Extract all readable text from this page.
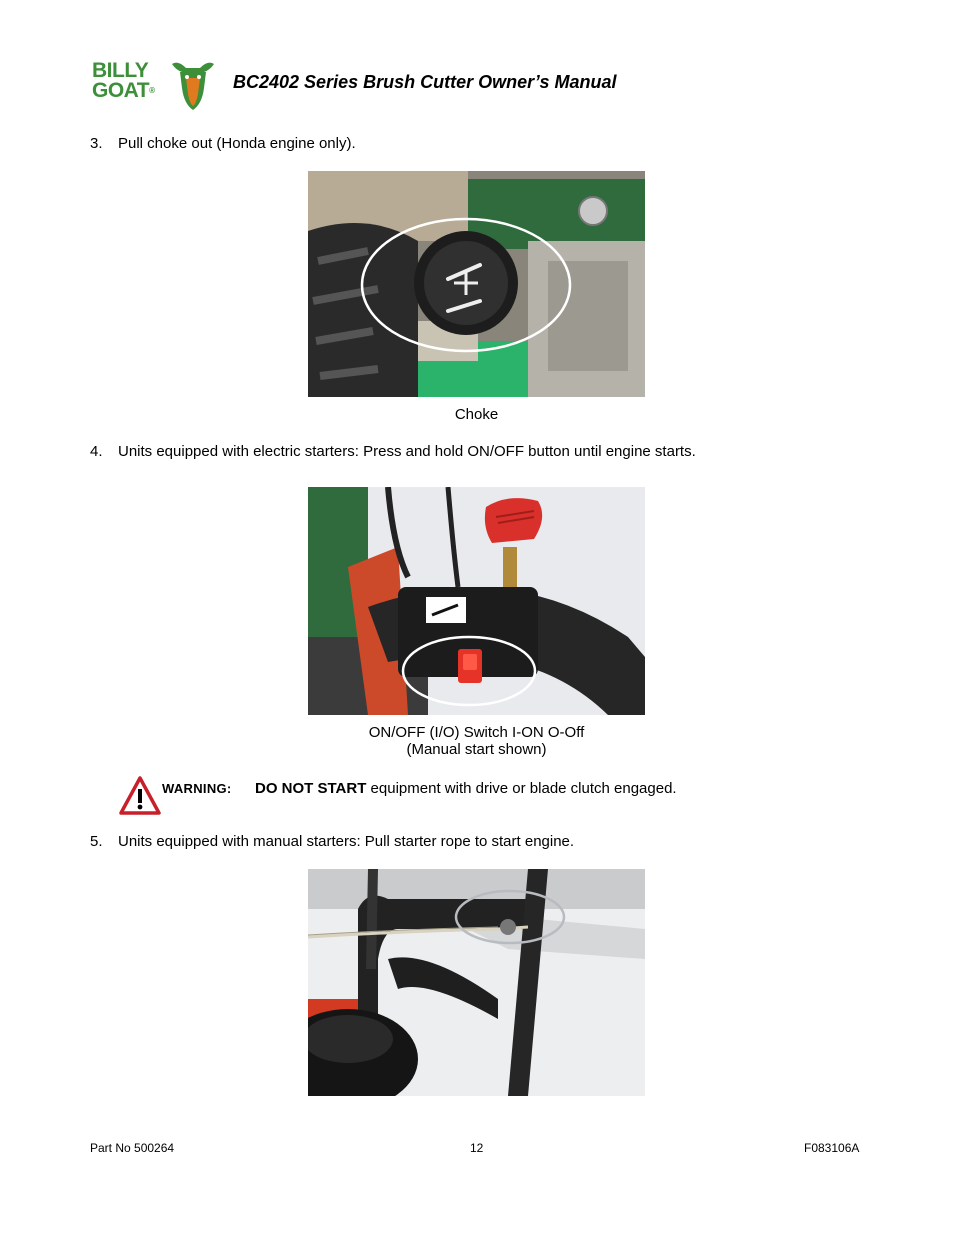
BILLY
GOAT®	BC2402 Series Brush Cutter Owner’s Manual
3. Pull choke out (Honda engine only).
Choke
4. Units equipped with electric starters: Press and hold ON/OFF button until engine starts.
ON/OFF (I/O) Switch I-ON O-Off
(Manual start shown)
WARNING: DO NOT START equipment with drive or blade clutch engaged.
5. Units equipped with manual starters: Pull starter rope to start engine.
Part No 500264	12	F083106A
